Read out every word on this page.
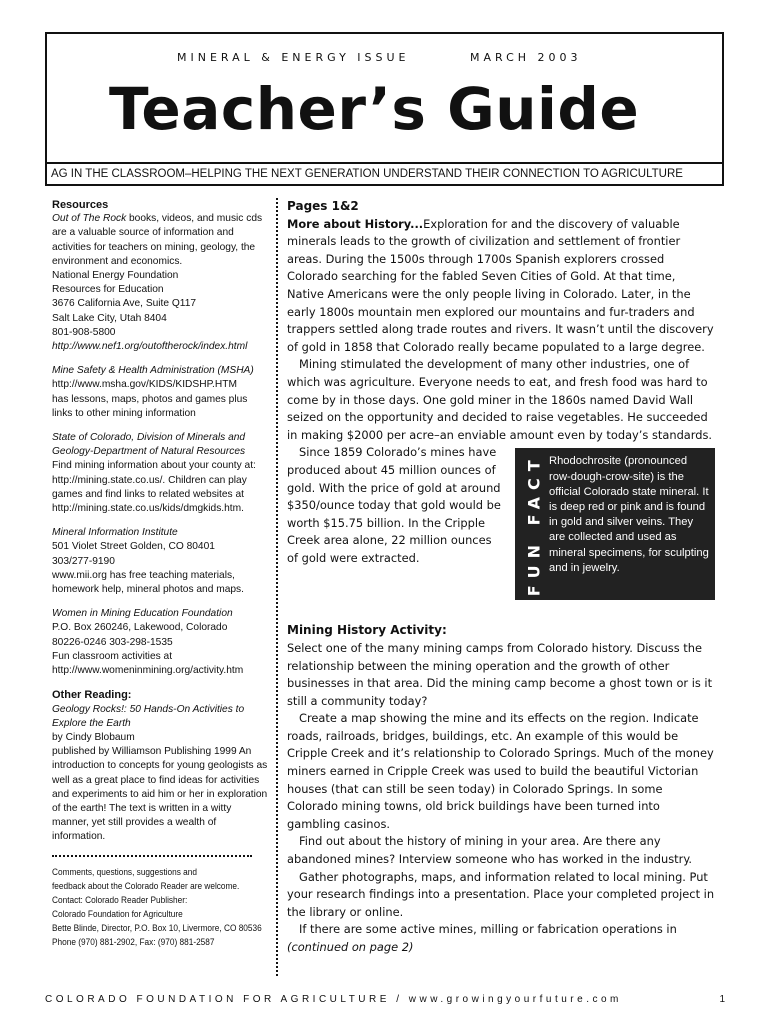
MINERAL & ENERGY ISSUE	MARCH 2003
Teacher’s Guide
AG IN THE CLASSROOM–HELPING THE NEXT GENERATION UNDERSTAND THEIR CONNECTION TO AGRICULTURE

Resources

Out of The Rock books, videos, and music cds are a valuable source of information and activities for teachers on mining, geology, the environment and economics.
National Energy Foundation
Resources for Education
3676 California Ave, Suite Q117
Salt Lake City, Utah 8404
801-908-5800
http://www.nef1.org/outoftherock/index.html

Mine Safety & Health Administration (MSHA)
http://www.msha.gov/KIDS/KIDSHP.HTM
has lessons, maps, photos and games plus links to other mining information

State of Colorado, Division of Minerals and Geology-Department of Natural Resources
Find mining information about your county at: http://mining.state.co.us/. Children can play games and find links to related websites at http://mining.state.co.us/kids/dmgkids.htm.

Mineral Information Institute
501 Violet Street Golden, CO 80401
303/277-9190
www.mii.org has free teaching materials, homework help, mineral photos and maps.

Women in Mining Education Foundation
P.O. Box 260246, Lakewood, Colorado
80226-0246 303-298-1535
Fun classroom activities at
http://www.womeninmining.org/activity.htm

Other Reading:

Geology Rocks!: 50 Hands-On Activities to Explore the Earth
by Cindy Blobaum
published by Williamson Publishing 1999 An introduction to concepts for young geologists as well as a great place to find ideas for activities and experiments to aid him or her in exploration of the earth! The text is written in a witty manner, yet still provides a wealth of information.

Comments, questions, suggestions and
feedback about the Colorado Reader are welcome.
Contact: Colorado Reader Publisher:
Colorado Foundation for Agriculture
Bette Blinde, Director, P.O. Box 10, Livermore, CO 80536
Phone (970) 881-2902, Fax: (970) 881-2587
Pages 1&2

More about History...Exploration for and the discovery of valuable minerals leads to the growth of civilization and settlement of frontier areas. During the 1500s through 1700s Spanish explorers crossed Colorado searching for the fabled Seven Cities of Gold. At that time, Native Americans were the only people living in Colorado. Later, in the early 1800s mountain men explored our mountains and fur-traders and trappers settled along trade routes and rivers. It wasn’t until the discovery of gold in 1858 that Colorado really became populated to a large degree.

Mining stimulated the development of many other industries, one of which was agriculture. Everyone needs to eat, and fresh food was hard to come by in those days. One gold miner in the 1860s named David Wall seized on the opportunity and decided to raise vegetables. He succeeded in making $2000 per acre–an enviable amount even by today’s standards.

FUN FACT Rhodochrosite (pronounced row-dough-crow-site) is the official Colorado state mineral. It is deep red or pink and is found in gold and silver veins. They are collected and used as mineral specimens, for sculpting and in jewelry.

Since 1859 Colorado’s mines have produced about 45 million ounces of gold. With the price of gold at around $350/ounce today that gold would be worth $15.75 billion. In the Cripple Creek area alone, 22 million ounces of gold were extracted.

Mining History Activity:

Select one of the many mining camps from Colorado history. Discuss the relationship between the mining operation and the growth of other businesses in that area. Did the mining camp become a ghost town or is it still a community today?

Create a map showing the mine and its effects on the region. Indicate roads, railroads, bridges, buildings, etc. An example of this would be Cripple Creek and it’s relationship to Colorado Springs. Much of the money miners earned in Cripple Creek was used to build the beautiful Victorian houses (that can still be seen today) in Colorado Springs. In some Colorado mining towns, old brick buildings have been turned into gambling casinos.

Find out about the history of mining in your area. Are there any abandoned mines? Interview someone who has worked in the industry.

Gather photographs, maps, and information related to local mining. Put your research findings into a presentation. Place your completed project in the library or online.

If there are some active mines, milling or fabrication operations in

(continued on page 2)

COLORADO FOUNDATION FOR AGRICULTURE / www.growingyourfuture.com	1
